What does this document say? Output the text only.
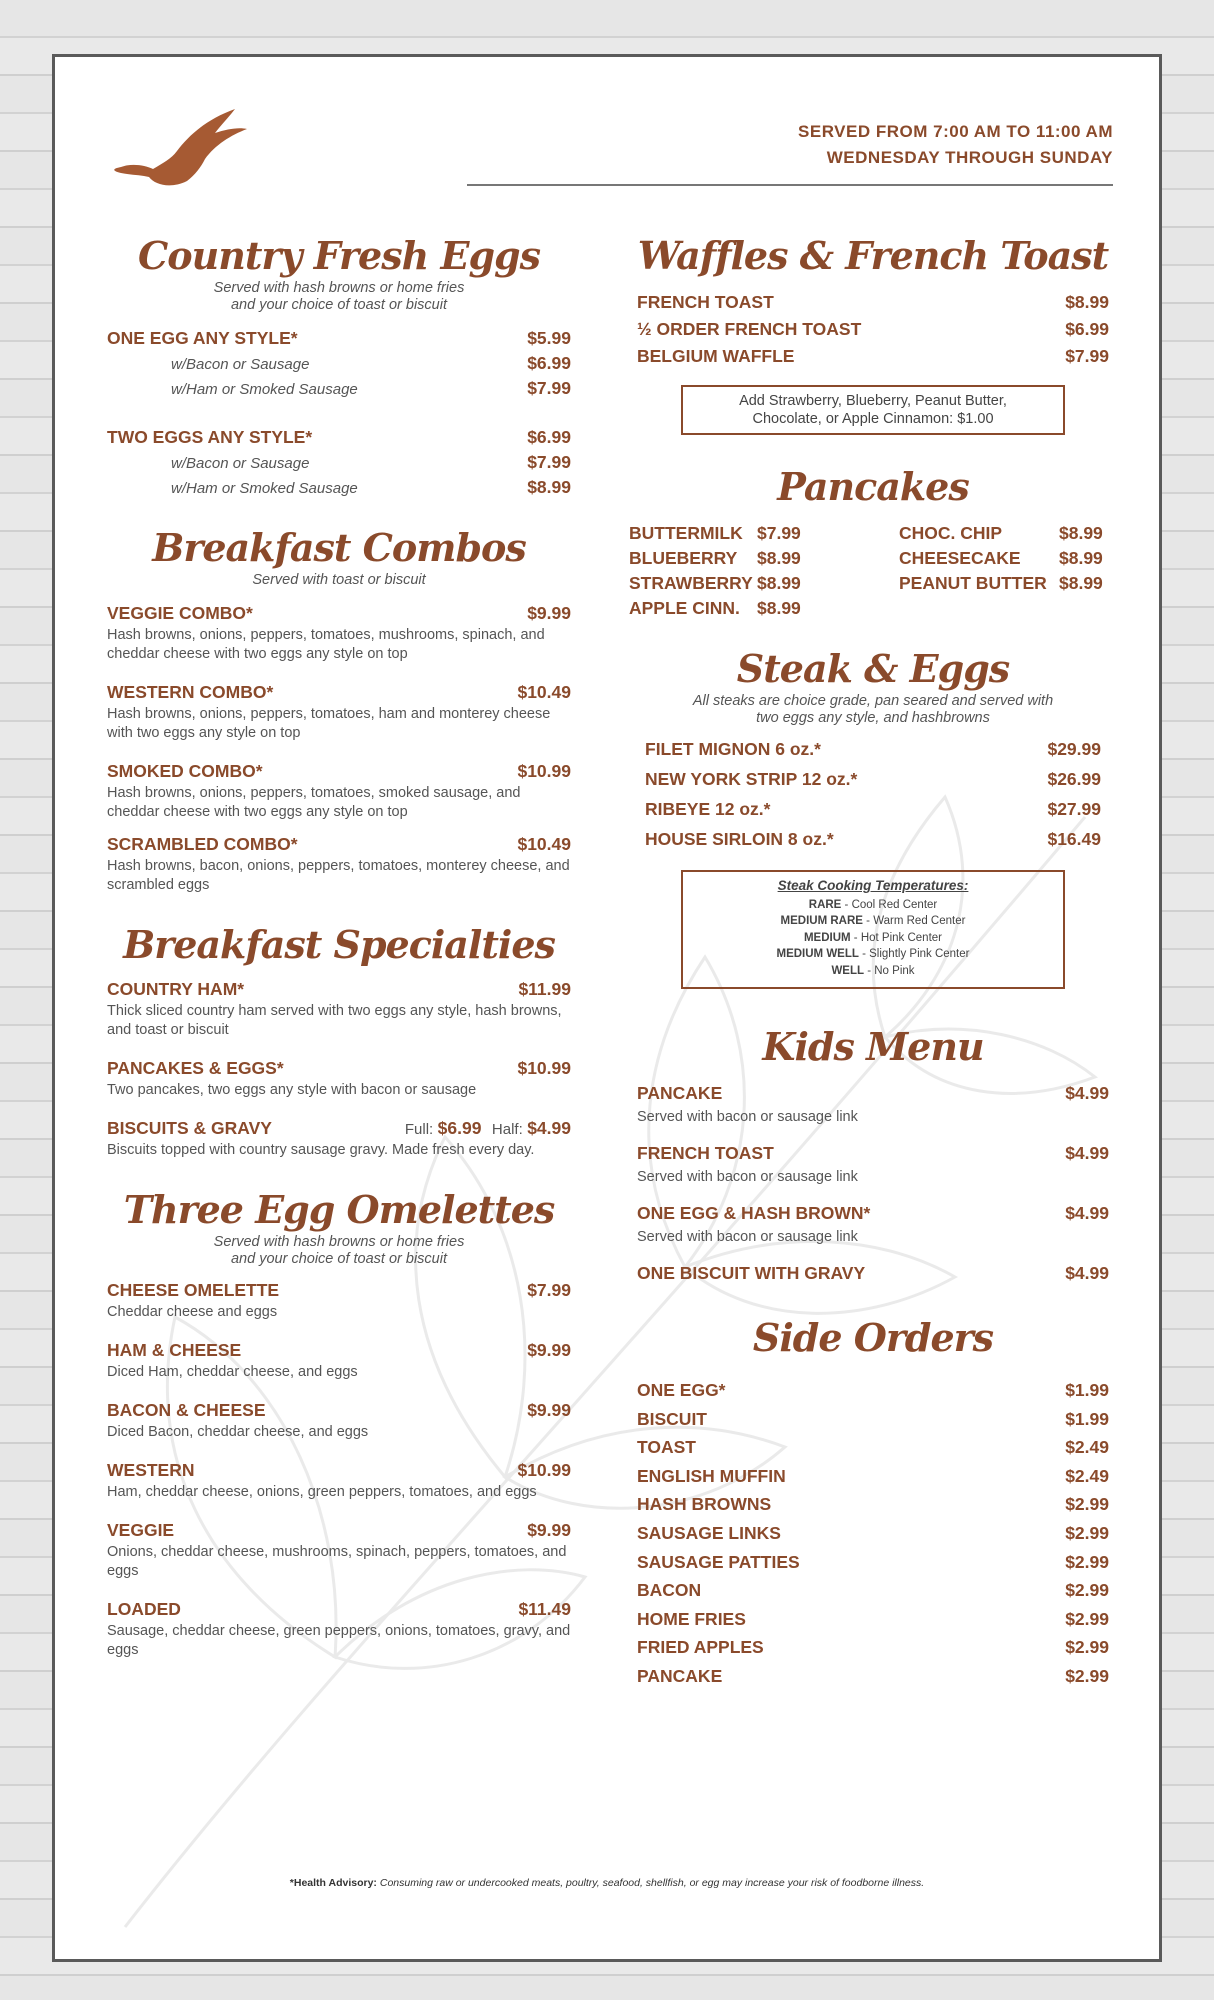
SERVED FROM 7:00 AM TO 11:00 AM
WEDNESDAY THROUGH SUNDAY
Country Fresh Eggs
Served with hash browns or home fries
and your choice of toast or biscuit
ONE EGG ANY STYLE*	$5.99
w/Bacon or Sausage	$6.99
w/Ham or Smoked Sausage	$7.99
TWO EGGS ANY STYLE*	$6.99
w/Bacon or Sausage	$7.99
w/Ham or Smoked Sausage	$8.99
Breakfast Combos
Served with toast or biscuit
VEGGIE COMBO*	$9.99
Hash browns, onions, peppers, tomatoes, mushrooms, spinach, and cheddar cheese with two eggs any style on top
WESTERN COMBO*	$10.49
Hash browns, onions, peppers, tomatoes, ham and monterey cheese with two eggs any style on top
SMOKED COMBO*	$10.99
Hash browns, onions, peppers, tomatoes, smoked sausage, and cheddar cheese with two eggs any style on top
SCRAMBLED COMBO*	$10.49
Hash browns, bacon, onions, peppers, tomatoes, monterey cheese, and scrambled eggs
Breakfast Specialties
COUNTRY HAM*	$11.99
Thick sliced country ham served with two eggs any style, hash browns, and toast or biscuit
PANCAKES & EGGS*	$10.99
Two pancakes, two eggs any style with bacon or sausage
BISCUITS & GRAVY	Full: $6.99 Half: $4.99
Biscuits topped with country sausage gravy. Made fresh every day.
Three Egg Omelettes
Served with hash browns or home fries
and your choice of toast or biscuit
CHEESE OMELETTE	$7.99
Cheddar cheese and eggs
HAM & CHEESE	$9.99
Diced Ham, cheddar cheese, and eggs
BACON & CHEESE	$9.99
Diced Bacon, cheddar cheese, and eggs
WESTERN	$10.99
Ham, cheddar cheese, onions, green peppers, tomatoes, and eggs
VEGGIE	$9.99
Onions, cheddar cheese, mushrooms, spinach, peppers, tomatoes, and eggs
LOADED	$11.49
Sausage, cheddar cheese, green peppers, onions, tomatoes, gravy, and eggs
Waffles & French Toast
FRENCH TOAST	$8.99
½ ORDER FRENCH TOAST	$6.99
BELGIUM WAFFLE	$7.99
Add Strawberry, Blueberry, Peanut Butter,
Chocolate, or Apple Cinnamon: $1.00
Pancakes
BUTTERMILK $7.99	CHOC. CHIP	$8.99
BLUEBERRY	$8.99	CHEESECAKE	$8.99
STRAWBERRY $8.99	PEANUT BUTTER $8.99
APPLE CINN. $8.99
Steak & Eggs
All steaks are choice grade, pan seared and served with
two eggs any style, and hashbrowns
FILET MIGNON 6 oz.*	$29.99
NEW YORK STRIP 12 oz.*	$26.99
RIBEYE 12 oz.*	$27.99
HOUSE SIRLOIN 8 oz.*	$16.49
Steak Cooking Temperatures:
RARE - Cool Red Center
MEDIUM RARE - Warm Red Center
MEDIUM - Hot Pink Center
MEDIUM WELL - Slightly Pink Center
WELL - No Pink
Kids Menu
PANCAKE	$4.99
Served with bacon or sausage link
FRENCH TOAST	$4.99
Served with bacon or sausage link
ONE EGG & HASH BROWN*	$4.99
Served with bacon or sausage link
ONE BISCUIT WITH GRAVY	$4.99
Side Orders
ONE EGG*	$1.99
BISCUIT	$1.99
TOAST	$2.49
ENGLISH MUFFIN	$2.49
HASH BROWNS	$2.99
SAUSAGE LINKS	$2.99
SAUSAGE PATTIES	$2.99
BACON	$2.99
HOME FRIES	$2.99
FRIED APPLES	$2.99
PANCAKE	$2.99
*Health Advisory: Consuming raw or undercooked meats, poultry, seafood, shellfish, or egg may increase your risk of foodborne illness.
